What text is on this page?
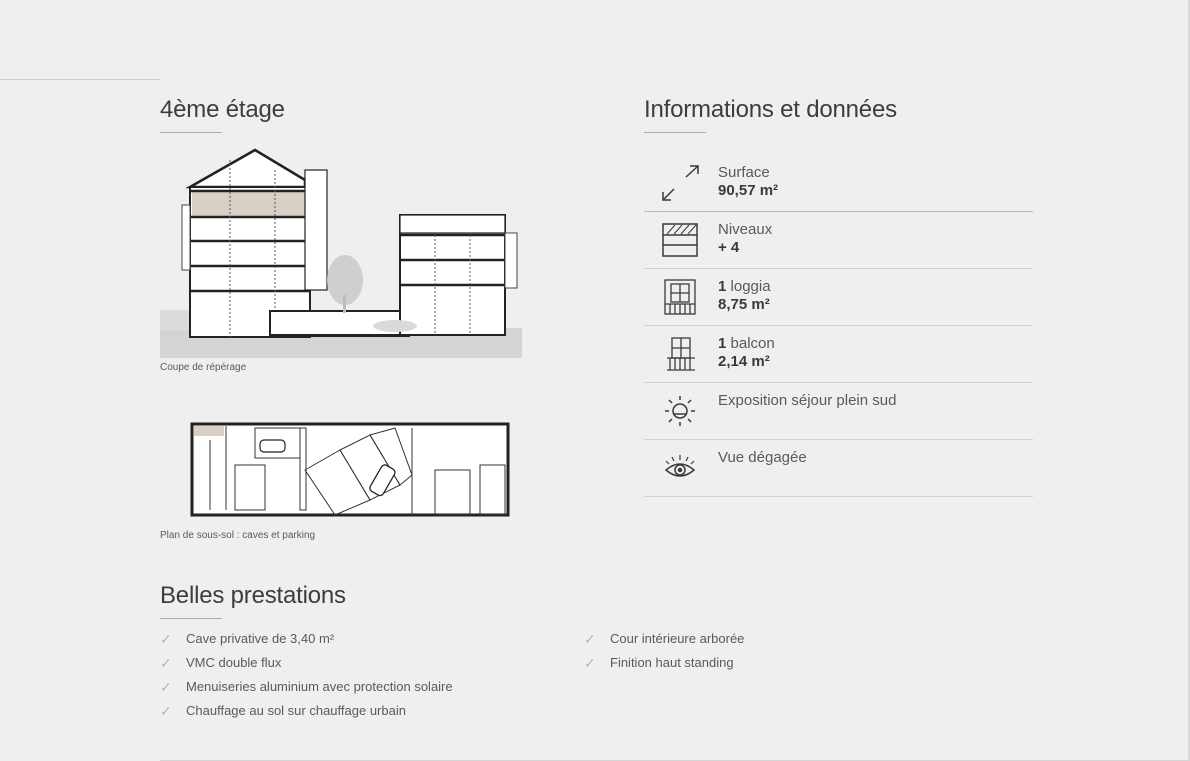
4ème étage
Coupe de répérage
Plan de sous-sol : caves et parking
Informations et données
Surface
90,57 m²
Niveaux
+ 4
1 loggia
8,75 m²
1 balcon
2,14 m²
Exposition séjour plein sud
Vue dégagée
Belles prestations
✓	Cave privative de 3,40 m²
✓	VMC double flux
✓	Menuiseries aluminium avec protection solaire
✓	Chauffage au sol sur chauffage urbain
✓	Cour intérieure arborée
✓	Finition haut standing
